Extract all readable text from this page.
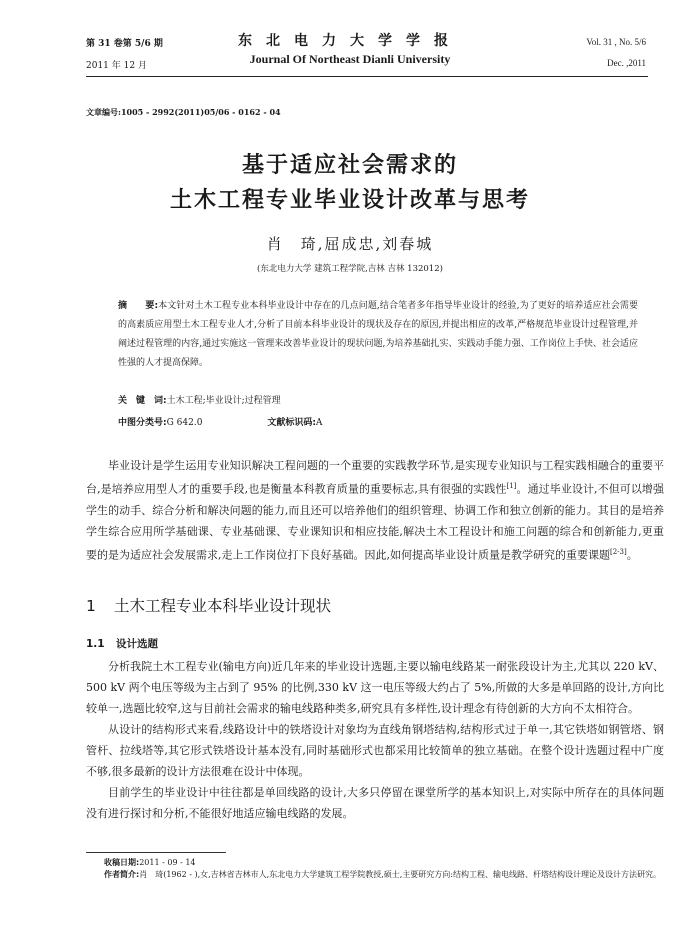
第 31 卷第 5/6 期
2011 年 12 月
东北电力大学学报
Journal Of Northeast Dianli University
Vol. 31 , No. 5/6
Dec. ,2011
文章编号:1005 - 2992(2011)05/06 - 0162 - 04
基于适应社会需求的
土木工程专业毕业设计改革与思考
肖　琦,屈成忠,刘春城
(东北电力大学 建筑工程学院,吉林 吉林 132012)
摘　　要:本文针对土木工程专业本科毕业设计中存在的几点问题,结合笔者多年指导毕业设计的经验,为了更好的培养适应社会需要的高素质应用型土木工程专业人才,分析了目前本科毕业设计的现状及存在的原因,并提出相应的改革,严格规范毕业设计过程管理,并阐述过程管理的内容,通过实施这一管理来改善毕业设计的现状问题,为培养基础扎实、实践动手能力强、工作岗位上手快、社会适应性强的人才提高保障。
关　键　词:土木工程;毕业设计;过程管理
中图分类号:G 642.0	文献标识码:A

毕业设计是学生运用专业知识解决工程问题的一个重要的实践教学环节,是实现专业知识与工程实践相融合的重要平台,是培养应用型人才的重要手段,也是衡量本科教育质量的重要标志,具有很强的实践性[1]。通过毕业设计,不但可以增强学生的动手、综合分析和解决问题的能力,而且还可以培养他们的组织管理、协调工作和独立创新的能力。其目的是培养学生综合应用所学基础课、专业基础课、专业课知识和相应技能,解决土木工程设计和施工问题的综合和创新能力,更重要的是为适应社会发展需求,走上工作岗位打下良好基础。因此,如何提高毕业设计质量是教学研究的重要课题[2-3]。

1 土木工程专业本科毕业设计现状
1.1 设计选题

分析我院土木工程专业(输电方向)近几年来的毕业设计选题,主要以输电线路某一耐张段设计为主,尤其以 220 kV、500 kV 两个电压等级为主占到了 95% 的比例,330 kV 这一电压等级大约占了 5%,所做的大多是单回路的设计,方向比较单一,选题比较窄,这与目前社会需求的输电线路种类多,研究具有多样性,设计理念有待创新的大方向不太相符合。

从设计的结构形式来看,线路设计中的铁塔设计对象均为直线角钢塔结构,结构形式过于单一,其它铁塔如钢管塔、钢管杆、拉线塔等,其它形式铁塔设计基本没有,同时基础形式也都采用比较简单的独立基础。在整个设计选题过程中广度不够,很多最新的设计方法很难在设计中体现。

目前学生的毕业设计中往往都是单回线路的设计,大多只停留在课堂所学的基本知识上,对实际中所存在的具体问题没有进行探讨和分析,不能很好地适应输电线路的发展。

收稿日期:2011 - 09 - 14
作者简介:肖　琦(1962 - ),女,吉林省吉林市人,东北电力大学建筑工程学院教授,硕士,主要研究方向:结构工程、输电线路、杆塔结构设计理论及设计方法研究。
